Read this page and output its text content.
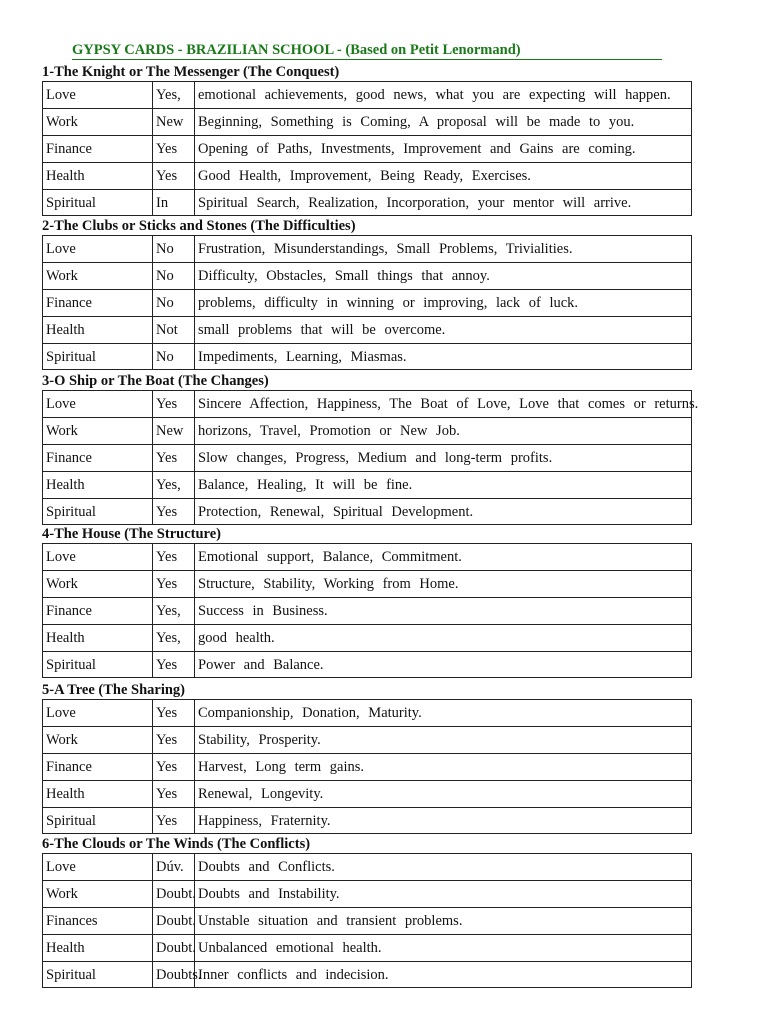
GYPSY CARDS - BRAZILIAN SCHOOL - (Based on Petit Lenormand)
1-The Knight or The Messenger (The Conquest)
Love	Yes,	emotional achievements, good news, what you are expecting will happen.
Work	New	Beginning, Something is Coming, A proposal will be made to you.
Finance	Yes	Opening of Paths, Investments, Improvement and Gains are coming.
Health	Yes	Good Health, Improvement, Being Ready, Exercises.
Spiritual	In	Spiritual Search, Realization, Incorporation, your mentor will arrive.
2-The Clubs or Sticks and Stones (The Difficulties)
Love	No	Frustration, Misunderstandings, Small Problems, Trivialities.
Work	No	Difficulty, Obstacles, Small things that annoy.
Finance	No	problems, difficulty in winning or improving, lack of luck.
Health	Not	small problems that will be overcome.
Spiritual	No	Impediments, Learning, Miasmas.
3-O Ship or The Boat (The Changes)
Love	Yes	Sincere Affection, Happiness, The Boat of Love, Love that comes or returns.
Work	New	horizons, Travel, Promotion or New Job.
Finance	Yes	Slow changes, Progress, Medium and long-term profits.
Health	Yes,	Balance, Healing, It will be fine.
Spiritual	Yes	Protection, Renewal, Spiritual Development.
4-The House (The Structure)
Love	Yes	Emotional support, Balance, Commitment.
Work	Yes	Structure, Stability, Working from Home.
Finance	Yes,	Success in Business.
Health	Yes,	good health.
Spiritual	Yes	Power and Balance.
5-A Tree (The Sharing)
Love	Yes	Companionship, Donation, Maturity.
Work	Yes	Stability, Prosperity.
Finance	Yes	Harvest, Long term gains.
Health	Yes	Renewal, Longevity.
Spiritual	Yes	Happiness, Fraternity.
6-The Clouds or The Winds (The Conflicts)
Love	Dúv.	Doubts and Conflicts.
Work	Doubt.	Doubts and Instability.
Finances	Doubt.	Unstable situation and transient problems.
Health	Doubt.	Unbalanced emotional health.
Spiritual	Doubts.	Inner conflicts and indecision.
